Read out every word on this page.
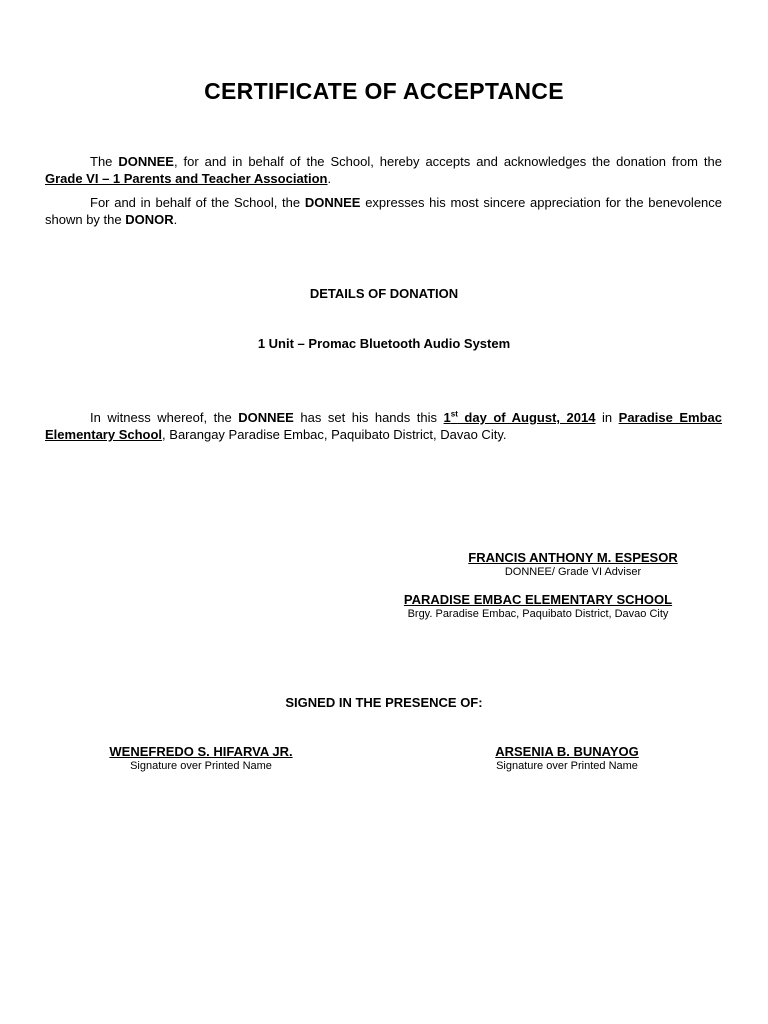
CERTIFICATE OF ACCEPTANCE

The DONNEE, for and in behalf of the School, hereby accepts and acknowledges the donation from the Grade VI – 1 Parents and Teacher Association.

For and in behalf of the School, the DONNEE expresses his most sincere appreciation for the benevolence shown by the DONOR.

DETAILS OF DONATION
1 Unit – Promac Bluetooth Audio System

In witness whereof, the DONNEE has set his hands this 1st day of August, 2014 in Paradise Embac Elementary School, Barangay Paradise Embac, Paquibato District, Davao City.

FRANCIS ANTHONY M. ESPESOR
DONNEE/ Grade VI Adviser
PARADISE EMBAC ELEMENTARY SCHOOL
Brgy. Paradise Embac, Paquibato District, Davao City
SIGNED IN THE PRESENCE OF:
WENEFREDO S. HIFARVA JR.
Signature over Printed Name
ARSENIA B. BUNAYOG
Signature over Printed Name
